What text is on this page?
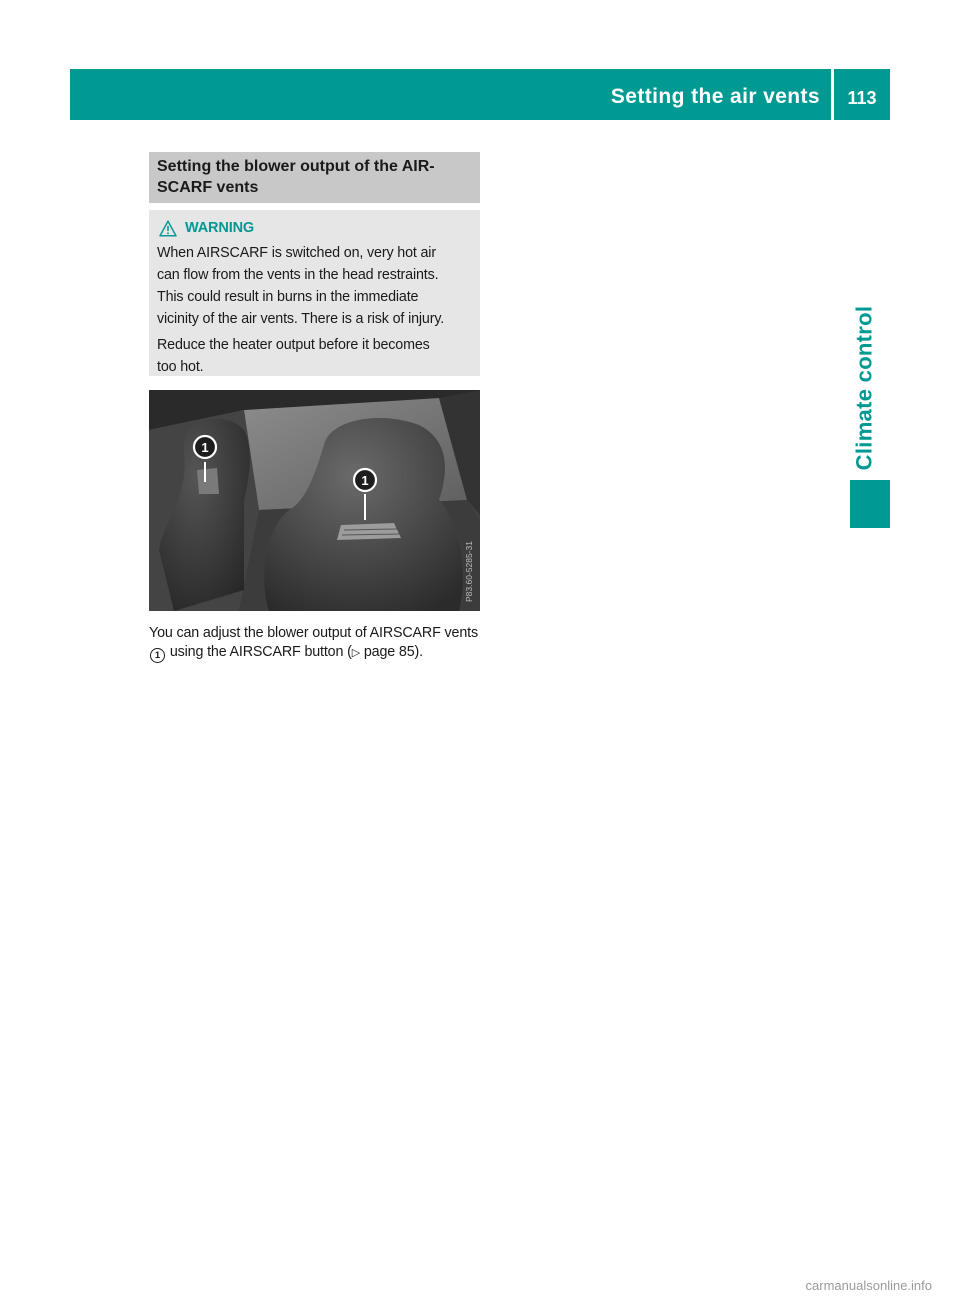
Setting the air vents	113
Climate control
Setting the blower output of the AIR-
SCARF vents
WARNING

When AIRSCARF is switched on, very hot air
can flow from the vents in the head restraints.
This could result in burns in the immediate
vicinity of the air vents. There is a risk of injury.

Reduce the heater output before it becomes
too hot.

1
1
P83.60-5285-31
You can adjust the blower output of AIRSCARF vents 1 using the AIRSCARF button (▷ page 85).
carmanualsonline.info
